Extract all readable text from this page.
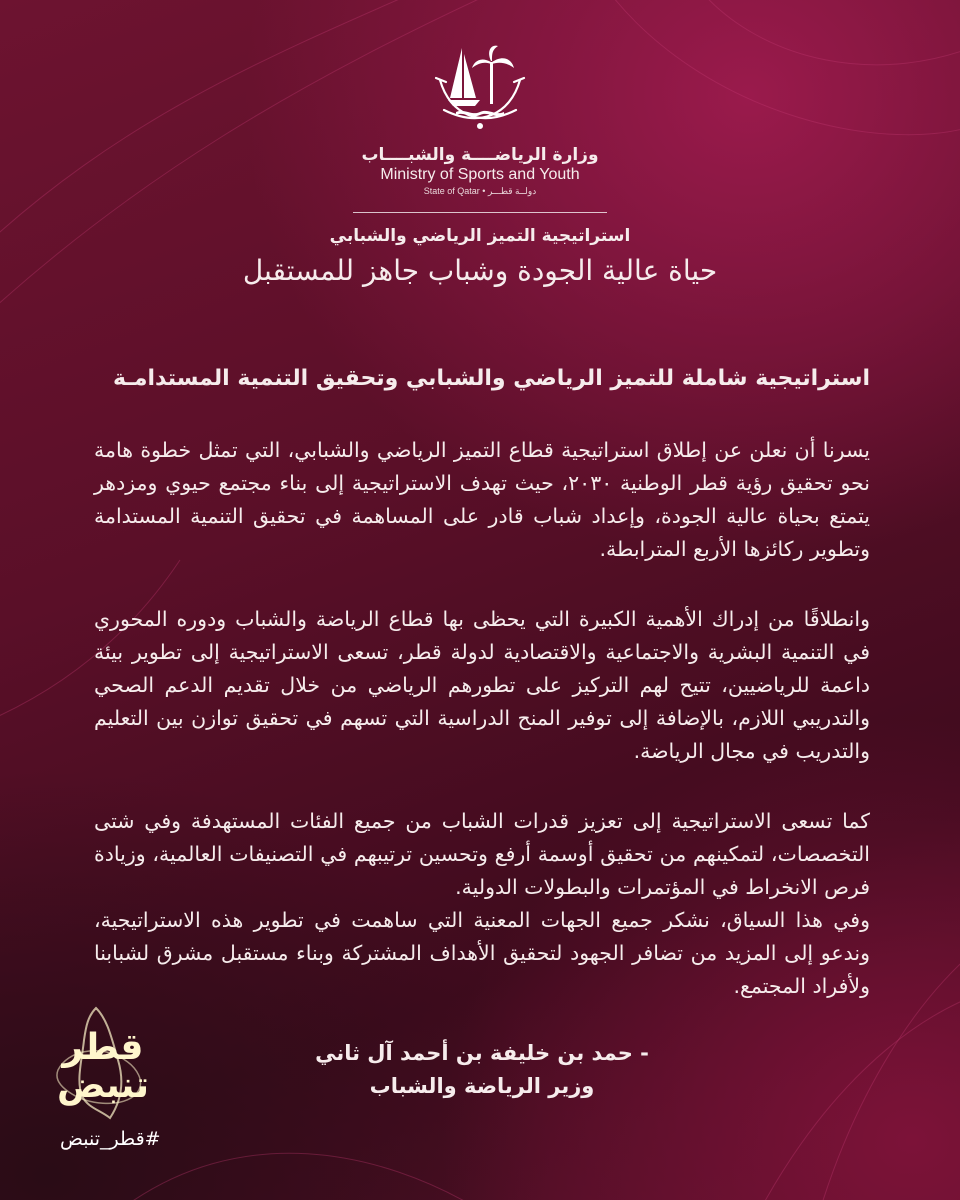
وزارة الرياضــــة والشبــــاب
Ministry of Sports and Youth
State of Qatar • دولــة قطـــر
استراتيجية التميز الرياضي والشبابي
حياة عالية الجودة وشباب جاهز للمستقبل

استراتيجية شاملة للتميز الرياضي والشبابي وتحقيق التنمية المستدامـة

يسرنا أن نعلن عن إطلاق استراتيجية قطاع التميز الرياضي والشبابي، التي تمثل خطوة هامة نحو تحقيق رؤية قطر الوطنية ٢٠٣٠، حيث تهدف الاستراتيجية إلى بناء مجتمع حيوي ومزدهر يتمتع بحياة عالية الجودة، وإعداد شباب قادر على المساهمة في تحقيق التنمية المستدامة وتطوير ركائزها الأربع المترابطة.

وانطلاقًا من إدراك الأهمية الكبيرة التي يحظى بها قطاع الرياضة والشباب ودوره المحوري في التنمية البشرية والاجتماعية والاقتصادية لدولة قطر، تسعى الاستراتيجية إلى تطوير بيئة داعمة للرياضيين، تتيح لهم التركيز على تطورهم الرياضي من خلال تقديم الدعم الصحي والتدريبي اللازم، بالإضافة إلى توفير المنح الدراسية التي تسهم في تحقيق توازن بين التعليم والتدريب في مجال الرياضة.

كما تسعى الاستراتيجية إلى تعزيز قدرات الشباب من جميع الفئات المستهدفة وفي شتى التخصصات، لتمكينهم من تحقيق أوسمة أرفع وتحسين ترتيبهم في التصنيفات العالمية، وزيادة فرص الانخراط في المؤتمرات والبطولات الدولية.

وفي هذا السياق، نشكر جميع الجهات المعنية التي ساهمت في تطوير هذه الاستراتيجية، وندعو إلى المزيد من تضافر الجهود لتحقيق الأهداف المشتركة وبناء مستقبل مشرق لشبابنا ولأفراد المجتمع.

- حمد بن خليفة بن أحمد آل ثاني
وزير الرياضة والشباب
قطر
تنبض
#قطر_تنبض
